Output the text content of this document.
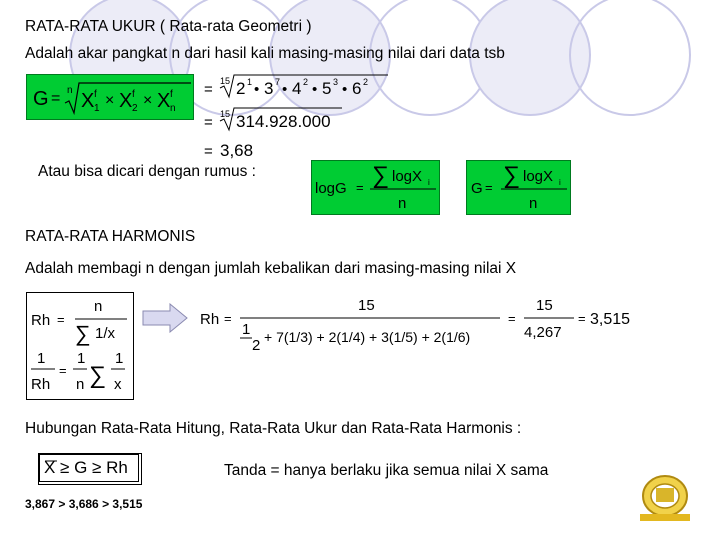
RATA-RATA UKUR ( Rata-rata Geometri )
Adalah akar pangkat n dari hasil kali masing-masing nilai dari data tsb
G = n X f
1 × X f
2 × X f
n
= 15 2 1 • 3 7 • 4 2 • 5 3 • 6 2
= 15 314.928.000
= 3,68
Atau bisa dicari dengan rumus :
logG = ∑ logX i
n
G = ∑ logX i
n
RATA-RATA HARMONIS
Adalah membagi n dengan jumlah kebalikan dari masing-masing nilai X
Rh =
n
∑ 1/x
1
Rh
=
1
n ∑
1
x
Rh =
15
1
2 + 7(1/3) + 2(1/4) + 3(1/5) + 2(1/6)
=
15
4,267
= 3,515
Hubungan Rata-Rata Hitung, Rata-Rata Ukur dan Rata-Rata Harmonis :
X ≥ G ≥ Rh	Tanda = hanya berlaku jika semua nilai X sama
3,867 > 3,686 > 3,515
